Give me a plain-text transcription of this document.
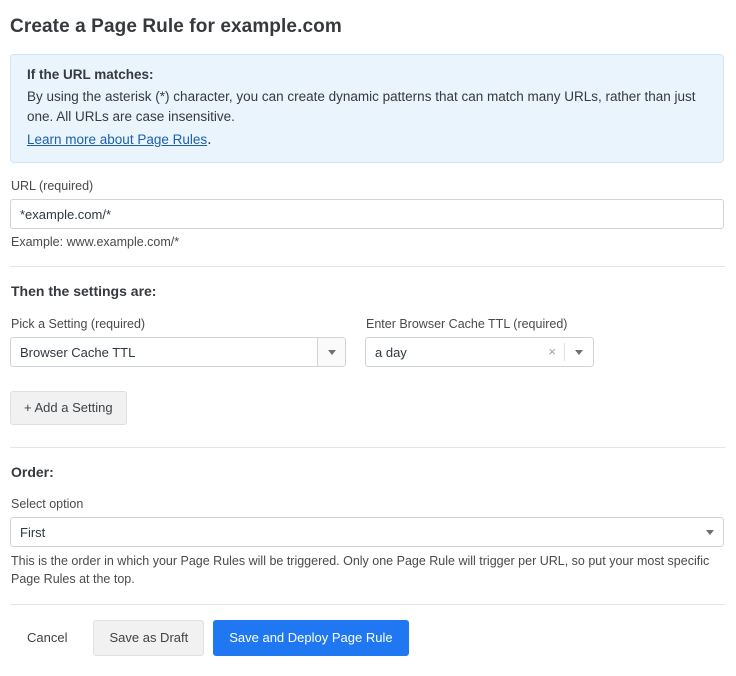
Create a Page Rule for example.com
If the URL matches:
By using the asterisk (*) character, you can create dynamic patterns that can match many URLs, rather than just one. All URLs are case insensitive.
Learn more about Page Rules.
URL (required)
*example.com/*
Example: www.example.com/*
Then the settings are:
Pick a Setting (required)
Browser Cache TTL
Enter Browser Cache TTL (required)
a day	×
+ Add a Setting
Order:
Select option
First
This is the order in which your Page Rules will be triggered. Only one Page Rule will trigger per URL, so put your most specific Page Rules at the top.
Cancel	Save as Draft	Save and Deploy Page Rule
